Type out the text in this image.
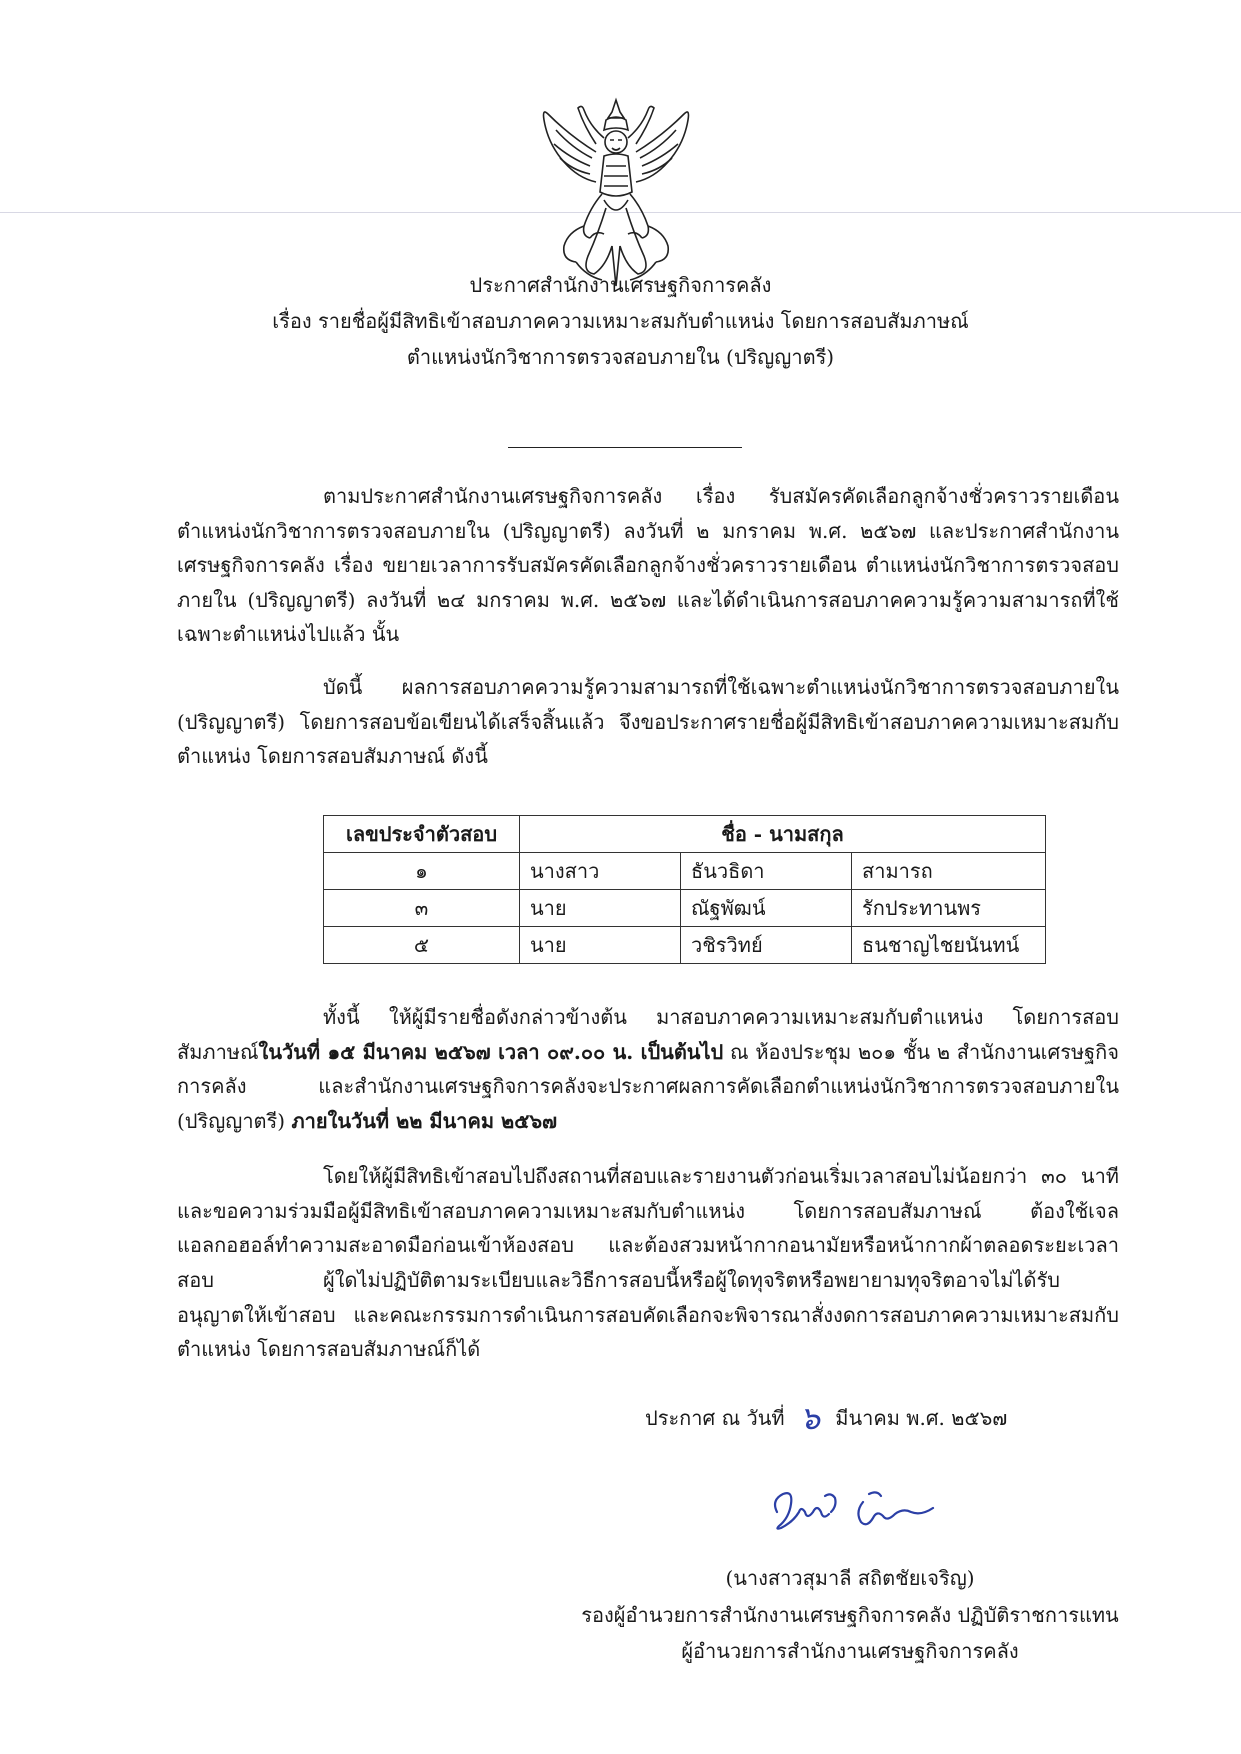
ประกาศสำนักงานเศรษฐกิจการคลัง
เรื่อง รายชื่อผู้มีสิทธิเข้าสอบภาคความเหมาะสมกับตำแหน่ง โดยการสอบสัมภาษณ์
ตำแหน่งนักวิชาการตรวจสอบภายใน (ปริญญาตรี)

ตามประกาศสำนักงานเศรษฐกิจการคลัง เรื่อง รับสมัครคัดเลือกลูกจ้างชั่วคราวรายเดือน ตำแหน่งนักวิชาการตรวจสอบภายใน (ปริญญาตรี) ลงวันที่ ๒ มกราคม พ.ศ. ๒๕๖๗ และประกาศสำนักงานเศรษฐกิจการคลัง เรื่อง ขยายเวลาการรับสมัครคัดเลือกลูกจ้างชั่วคราวรายเดือน ตำแหน่งนักวิชาการตรวจสอบภายใน (ปริญญาตรี) ลงวันที่ ๒๔ มกราคม พ.ศ. ๒๕๖๗ และได้ดำเนินการสอบภาคความรู้ความสามารถที่ใช้เฉพาะตำแหน่งไปแล้ว นั้น

บัดนี้ ผลการสอบภาคความรู้ความสามารถที่ใช้เฉพาะตำแหน่งนักวิชาการตรวจสอบภายใน (ปริญญาตรี) โดยการสอบข้อเขียนได้เสร็จสิ้นแล้ว จึงขอประกาศรายชื่อผู้มีสิทธิเข้าสอบภาคความเหมาะสมกับตำแหน่ง โดยการสอบสัมภาษณ์ ดังนี้

เลขประจำตัวสอบ	ชื่อ - นามสกุล		
๑	นางสาว	ธันวธิดา	สามารถ
๓	นาย	ณัฐพัฒน์	รักประทานพร
๕	นาย	วชิรวิทย์	ธนชาญไชยนันทน์

ทั้งนี้ ให้ผู้มีรายชื่อดังกล่าวข้างต้น มาสอบภาคความเหมาะสมกับตำแหน่ง โดยการสอบสัมภาษณ์ในวันที่ ๑๕ มีนาคม ๒๕๖๗ เวลา ๐๙.๐๐ น. เป็นต้นไป ณ ห้องประชุม ๒๐๑ ชั้น ๒ สำนักงานเศรษฐกิจการคลัง และสำนักงานเศรษฐกิจการคลังจะประกาศผลการคัดเลือกตำแหน่งนักวิชาการตรวจสอบภายใน (ปริญญาตรี) ภายในวันที่ ๒๒ มีนาคม ๒๕๖๗

โดยให้ผู้มีสิทธิเข้าสอบไปถึงสถานที่สอบและรายงานตัวก่อนเริ่มเวลาสอบไม่น้อยกว่า ๓๐ นาที และขอความร่วมมือผู้มีสิทธิเข้าสอบภาคความเหมาะสมกับตำแหน่ง โดยการสอบสัมภาษณ์ ต้องใช้เจลแอลกอฮอล์ทำความสะอาดมือก่อนเข้าห้องสอบ และต้องสวมหน้ากากอนามัยหรือหน้ากากผ้าตลอดระยะเวลาสอบ	ผู้ใดไม่ปฏิบัติตามระเบียบและวิธีการสอบนี้หรือผู้ใดทุจริตหรือพยายามทุจริตอาจไม่ได้รับอนุญาตให้เข้าสอบ และคณะกรรมการดำเนินการสอบคัดเลือกจะพิจารณาสั่งงดการสอบภาคความเหมาะสมกับตำแหน่ง โดยการสอบสัมภาษณ์ก็ได้

ประกาศ ณ วันที่ ๖ มีนาคม พ.ศ. ๒๕๖๗
(นางสาวสุมาลี สถิตชัยเจริญ)
รองผู้อำนวยการสำนักงานเศรษฐกิจการคลัง ปฏิบัติราชการแทน
ผู้อำนวยการสำนักงานเศรษฐกิจการคลัง
